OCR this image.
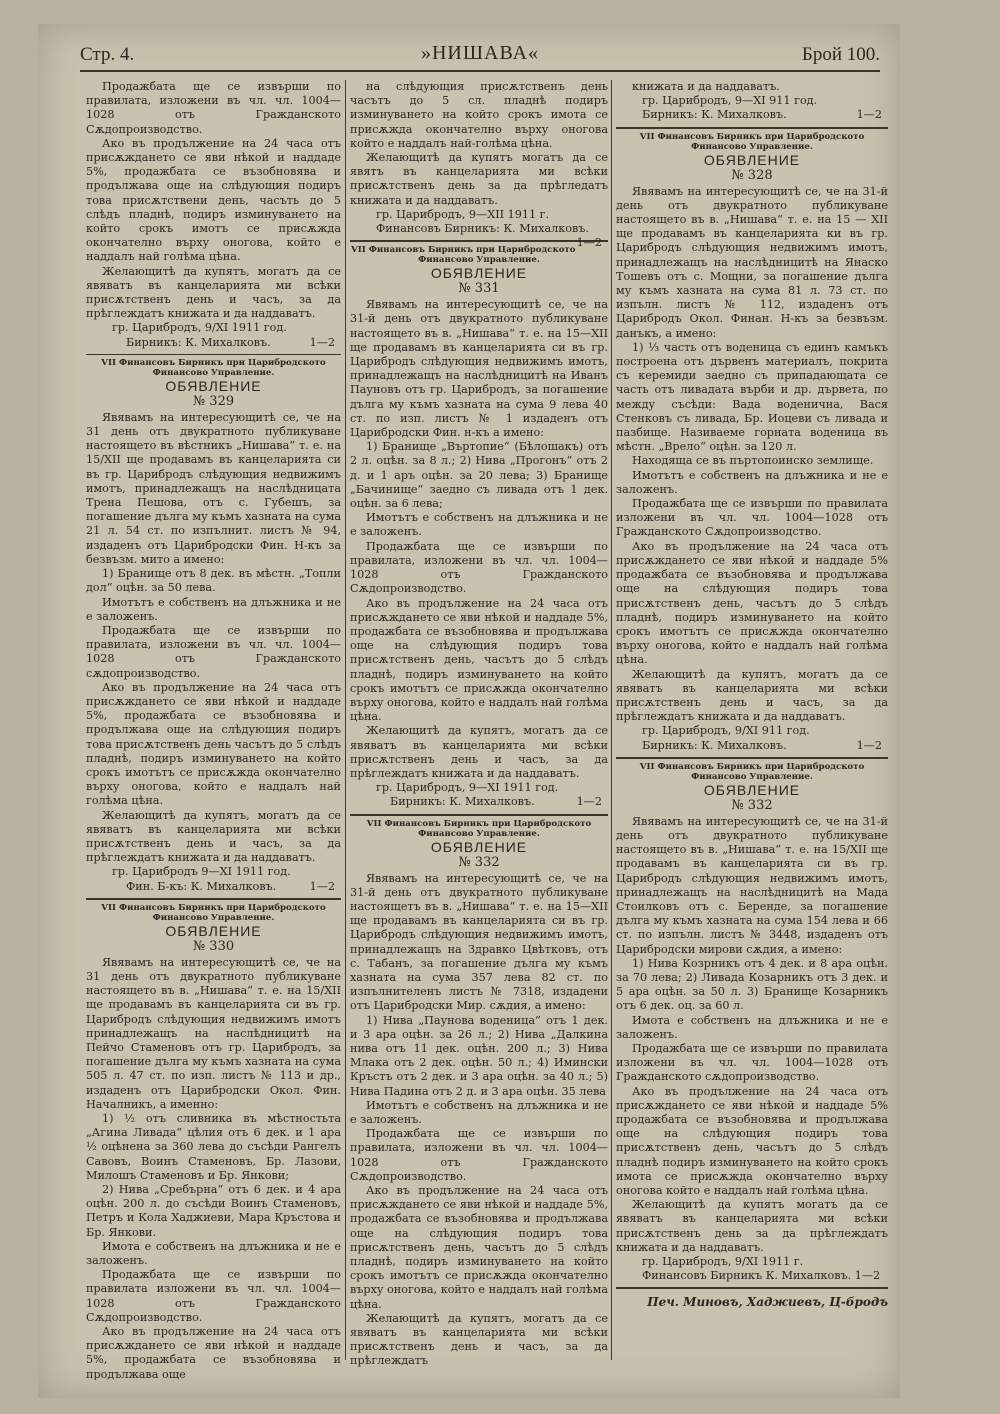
Стр. 4.	»НИШАВА«	Брой 100.

Продажбата ще се извърши по правилата, изложени въ чл. чл. 1004—1028 отъ Гражданското Сѫдопроизводство.

Ако въ продължение на 24 часа отъ присѫждането се яви нѣкой и наддаде 5%, продажбата се възобновява и продължава още на слѣдующия подиръ това присѫтствени день, часъть до 5 слѣдъ пладнѣ, подиръ изминуването на който срокъ имотъ се присѫжда окончателно върху оногова, който е наддалъ най голѣма цѣна.

Желающитѣ да купятъ, могатъ да се явяватъ въ канцеларията ми всѣки присѫтственъ день и часъ, за да прѣглеждатъ книжата и да наддаватъ.

гр. Царибродъ, 9/XI 1911 год.

Бирникъ: К. Михалковъ.	1—2

VII Финансовъ Бирникъ при Царибродското Финансово Управление.

ОБЯВЛЕНИЕ

№ 329

Явявамъ на интересующитѣ се, че на 31 день отъ двукратното публикуване настоящето въ вѣстникъ „Нишава“ т. е. на 15/XII ще продавамъ въ канцеларията си въ гр. Царибродъ слѣдующия недвижимъ имотъ, принадлежащъ на наслѣдницата Трена Пешова, отъ с. Губешъ, за погашение дълга му къмъ хазната на сума 21 л. 54 ст. по изпълнит. листъ № 94, издаденъ отъ Царибродски Фин. Н-къ за безвъзм. мито а имено:

1) Бранище отъ 8 дек. въ мѣстн. „Топли дол“ оцѣн. за 50 лева.

Имотътъ е собственъ на длъжника и не е заложенъ.

Продажбата ще се извърши по правилата, изложени въ чл. чл. 1004—1028 отъ Гражданското сѫдопроизводство.

Ако въ продължение на 24 часа отъ присѫждането се яви нѣкой и наддаде 5%, продажбата се възобновява и продължава още на слѣдующия подиръ това присѫтственъ день часътъ до 5 слѣдъ пладнѣ, подиръ изминуването на който срокъ имотътъ се присѫжда окончателно върху оногова, който е наддалъ най голѣма цѣна.

Желающитѣ да купятъ, могатъ да се явяватъ въ канцеларията ми всѣки присѫтственъ день и часъ, за да прѣглеждатъ книжата и да наддаватъ.

гр. Царибродъ 9—XI 1911 год.

Фин. Б-къ: К. Михалковъ.	1—2

VII Финансовъ Бирникъ при Царибродското Финансово Управление.

ОБЯВЛЕНИЕ

№ 330

Явявамъ на интересующитѣ се, че на 31 день отъ двукратното публикуване настоящето въ в. „Нишава“ т. е. на 15/XII ще продавамъ въ канцеларията си въ гр. Царибродъ слѣдующия недвижимъ имотъ принадлежащъ на наслѣдницитѣ на Пейчо Стаменовъ отъ гр. Царибродъ, за погашение дълга му къмъ хазната на сума 505 л. 47 ст. по изп. листъ № 113 и др., издаденъ отъ Царибродски Окол. Фин. Началникъ, а именно:

1) ½ отъ сливника въ мѣстностьта „Агина Ливада“ цѣлия отъ 6 дек. и 1 ара ½ оцѣнена за 360 лева до съсѣди Рангелъ Савовъ, Воинъ Стаменовъ, Бр. Лазови, Милошъ Стаменовъ и Бр. Янкови;

2) Нива „Сребърна“ отъ 6 дек. и 4 ара оцѣн. 200 л. до съсѣди Воинъ Стаменовъ, Петръ и Кола Хаджиеви, Мара Кръстова и Бр. Янкови.

Имота е собственъ на длъжника и не е заложенъ.

Продажбата ще се извърши по правилата изложени въ чл. чл. 1004—1028 отъ Гражданското Сѫдопроизводство.

Ако въ продължение на 24 часа отъ присѫждането се яви нѣкой и наддаде 5%, продажбата се възобновява и продължава още

на слѣдующия присѫтственъ день часътъ до 5 сл. пладнѣ подиръ изминуването на който срокъ имота се присѫжда окончателно върху оногова който е наддалъ най-голѣма цѣна.

Желающитѣ да купятъ могатъ да се явятъ въ канцеларията ми всѣки присѫтственъ день за да прѣгледатъ книжата и да наддаватъ.

гр. Царибродъ, 9—XII 1911 г.

Финансовъ Бирникъ: К. Михалковъ.
1—2

VII Финансовъ Бирникъ при Царибродското Финансово Управление.

ОБЯВЛЕНИЕ

№ 331

Явявамъ на интересующитѣ се, че на 31-й день отъ двукратното публикуване настоящето въ в. „Нишава“ т. е. на 15—XII ще продавамъ въ канцеларията си въ гр. Царибродъ слѣдующия недвижимъ имотъ, принадлежащъ на наслѣдницитѣ на Иванъ Пауновъ отъ гр. Царибродъ, за погашение дълга му къмъ хазната на сума 9 лева 40 ст. по изп. листъ № 1 издаденъ отъ Царибродски Фин. н-къ а имено:

1) Бранище „Въртопие“ (Бѣлошакъ) отъ 2 л. оцѣн. за 8 л.; 2) Нива „Прогонъ“ отъ 2 д. и 1 аръ оцѣн. за 20 лева; 3) Бранище „Бачинище“ заедно съ ливада отъ 1 дек. оцѣн. за 6 лева;

Имотътъ е собственъ на длъжника и не е заложенъ.

Продажбата ще се извърши по правилата, изложени въ чл. чл. 1004—1028 отъ Гражданското Сѫдопроизводство.

Ако въ продължение на 24 часа отъ присѫждането се яви нѣкой и наддаде 5%, продажбата се възобновява и продължава още на слѣдующия подиръ това присѫтственъ день, часътъ до 5 слѣдъ пладнѣ, подиръ изминуването на който срокъ имотътъ се присѫжда окончателно върху оногова, който е наддалъ най голѣма цѣна.

Желающитѣ да купятъ, могатъ да се явяватъ въ канцеларията ми всѣки присѫтственъ день и часъ, за да прѣглеждатъ книжата и да наддаватъ.

гр. Царибродъ, 9—XI 1911 год.

Бирникъ: К. Михалковъ.	1—2

VII Финансовъ Бирникъ при Царибродското Финансово Управление.

ОБЯВЛЕНИЕ

№ 332

Явявамъ на интересующитѣ се, че на 31-й день отъ двукратното публикуване настоящетъ въ в. „Нишава“ т. е. на 15—XII ще продавамъ въ канцеларията си въ гр. Царибродъ слѣдующия недвижимъ имотъ, принадлежащъ на Здравко Цвѣтковъ, отъ с. Табанъ, за погашение дълга му къмъ хазната на сума 357 лева 82 ст. по изпълнителенъ листъ № 7318, издадени отъ Царибродски Мир. сѫдия, а имено:

1) Нива „Паунова воденица“ отъ 1 дек. и 3 ара оцѣн. за 26 л.; 2) Нива „Далкина нива отъ 11 дек. оцѣн. 200 л.; 3) Нива Млака отъ 2 дек. оцѣн. 50 л.; 4) Имински Кръстъ отъ 2 дек. и 3 ара оцѣн. за 40 л.; 5) Нива Падина отъ 2 д. и 3 ара оцѣн. 35 лева

Имотътъ е собственъ на длъжника и не е заложенъ.

Продажбата ще се извърши по правилата, изложени въ чл. чл. 1004—1028 отъ Гражданското Сѫдопроизводство.

Ако въ продължение на 24 часа отъ присѫждането се яви нѣкой и наддаде 5%, продажбата се възобновява и продължава още на слѣдующия подиръ това присѫтственъ день, часътъ до 5 слѣдъ пладнѣ, подиръ изминуването на който срокъ имотътъ се присѫжда окончателно върху оногова, който е наддалъ най голѣма цѣна.

Желающитѣ да купятъ, могатъ да се явяватъ въ канцеларията ми всѣки присѫтственъ день и часъ, за да прѣглеждатъ

книжата и да наддаватъ.

гр. Царибродъ, 9—XI 911 год.

Бирникъ: К. Михалковъ.	1—2

VII Финансовъ Бирникъ при Царибродското Финансово Управление.

ОБЯВЛЕНИЕ

№ 328

Явявамъ на интересующитѣ се, че на 31-й день отъ двукратното публикуване настоящето въ в. „Нишава“ т. е. на 15 — XII ще продавамъ въ канцеларията ки въ гр. Царибродъ слѣдующия недвижимъ имотъ, принадлежащъ на наслѣдницитѣ на Янаско Тошевъ отъ с. Мощни, за погашение дълга му къмъ хазната на сума 81 л. 73 ст. по изпълн. листъ № 112, издаденъ отъ Царибродъ Окол. Финан. Н-къ за безвъзм. данъкъ, а имено:

1) ⅓ часть отъ воденица съ единъ камъкъ построена отъ дървенъ материалъ, покрита съ керемиди заедно съ припадающата се часть отъ ливадата върби и др. дървета, по между съсѣди: Вада воденична, Вася Стенковъ съ ливада, Бр. Иоцеви съ ливада и пазбище. Називаеме горната воденица въ мѣстн. „Врело“ оцѣн. за 120 л.

Находяща се въ пъртопоинско землище.

Имотътъ е собственъ на длъжника и не е заложенъ.

Продажбата ще се извърши по правилата изложени въ чл. чл. 1004—1028 отъ Гражданското Сѫдопроизводство.

Ако въ продължение на 24 часа отъ присѫждането се яви нѣкой и наддаде 5% продажбата се възобновява и продължава още на слѣдующия подиръ това присѫтственъ день, часътъ до 5 слѣдъ пладнѣ, подиръ изминуването на който срокъ имотътъ се присѫжда окончателно върху оногова, който е наддалъ най голѣма цѣна.

Желающитѣ да купятъ, могатъ да се явяватъ въ канцеларията ми всѣки присѫтственъ день и часъ, за да прѣглеждатъ книжата и да наддаватъ.

гр. Царибродъ, 9/XI 911 год.

Бирникъ: К. Михалковъ.	1—2

VII Финансовъ Бирникъ при Царибродското Финансово Управление.

ОБЯВЛЕНИЕ

№ 332

Явявамъ на интересующитѣ се, че на 31-й день отъ двукратното публикуване настоящето въ в. „Нишава“ т. е. на 15/XII ще продавамъ въ канцеларията си въ гр. Царибродъ слѣдующия недвижимъ имотъ, принадлежащъ на наслѣдницитѣ на Мада Стоилковъ отъ с. Беренде, за погашение дълга му къмъ хазната на сума 154 лева и 66 ст. по изпълн. листъ № 3448, издаденъ отъ Царибродски мирови сѫдия, а имено:

1) Нива Козрникъ отъ 4 дек. и 8 ара оцѣн. за 70 лева; 2) Ливада Козарникъ отъ 3 дек. и 5 ара оцѣн. за 50 л. 3) Бранище Козарникъ отъ 6 дек. оц. за 60 л.

Имота е собственъ на длъжника и не е заложенъ.

Продажбата ще се извърши по правилата изложени въ чл. чл. 1004—1028 отъ Гражданското сѫдопроизводство.

Ако въ продължение на 24 часа отъ присѫждането се яви нѣкой и наддаде 5% продажбата се възобновява и продължава още на слѣдующия подиръ това присѫтственъ день, часътъ до 5 слѣдъ пладнѣ подиръ изминуването на който срокъ имота се присѫжда окончателно върху оногова който е наддалъ най голѣма цѣна.

Желающитѣ да купятъ могатъ да се явяватъ въ канцеларията ми всѣки присѫтственъ день за да прѣглеждатъ книжата и да наддаватъ.

гр. Царибродъ, 9/XI 1911 г.

Финансовъ Бирникъ К. Михалковъ. 1—2

Печ. Миновъ, Хаджиевъ, Ц-бродъ
